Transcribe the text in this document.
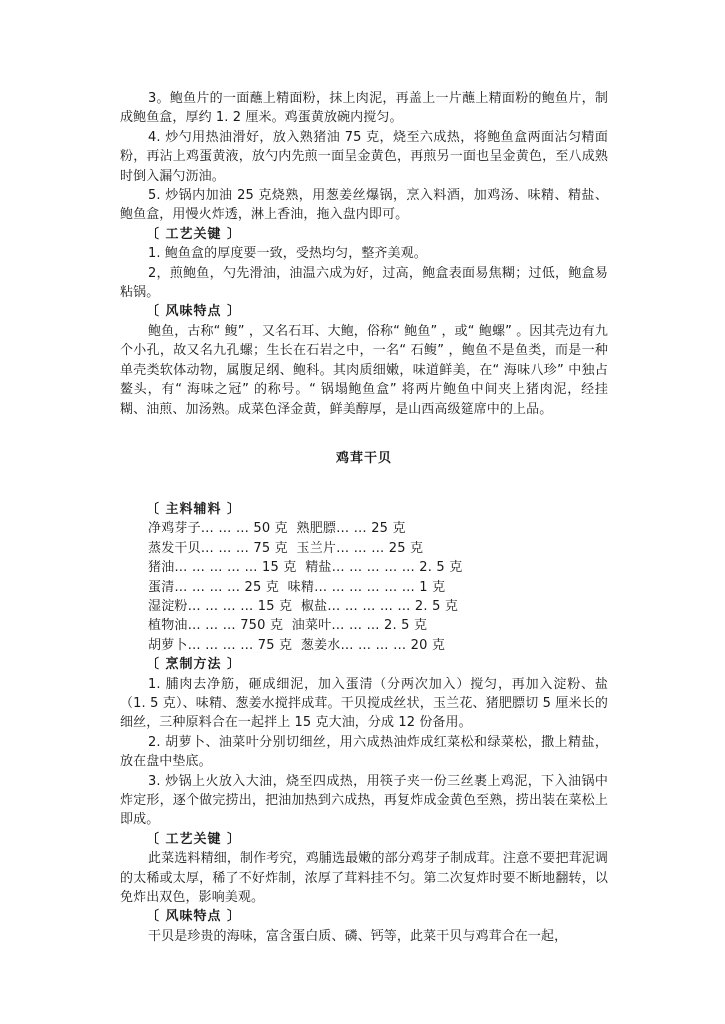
3。鲍鱼片的一面蘸上精面粉，抹上肉泥，再盖上一片蘸上精面粉的鲍鱼片，制成鲍鱼盒，厚约 1. 2 厘米。鸡蛋黄放碗内搅匀。

4. 炒勺用热油滑好，放入熟猪油 75 克，烧至六成热，将鲍鱼盒两面沾匀精面粉，再沾上鸡蛋黄液，放勺内先煎一面呈金黄色，再煎另一面也呈金黄色，至八成熟时倒入漏勺沥油。

5. 炒锅内加油 25 克烧熟，用葱姜丝爆锅，烹入料酒，加鸡汤、味精、精盐、鲍鱼盒，用慢火炸透，淋上香油，拖入盘内即可。

〔 工艺关键 〕

1. 鲍鱼盒的厚度要一致，受热均匀，整齐美观。

2，煎鲍鱼，勺先滑油，油温六成为好，过高，鲍盒表面易焦糊；过低，鲍盒易粘锅。

〔 风味特点 〕

鲍鱼，古称“ 鳆” ，又名石耳、大鲍，俗称“ 鲍鱼” ，或“ 鲍螺” 。因其壳边有九个小孔，故又名九孔螺；生长在石岩之中，一名“ 石鳆” ，鲍鱼不是鱼类，而是一种单壳类软体动物，属腹足纲、鲍科。其肉质细嫩，味道鲜美，在“ 海味八珍” 中独占鳌头，有“ 海味之冠” 的称号。“ 锅塌鲍鱼盒” 将两片鲍鱼中间夹上猪肉泥，经挂糊、油煎、加汤熟。成菜色泽金黄，鲜美醇厚，是山西高级筵席中的上品。

鸡茸干贝

〔 主料辅料 〕

净鸡芽子… … … 50 克  熟肥膘… … 25 克

蒸发干贝… … … 75 克  玉兰片… … … 25 克

猪油… … … … … 15 克  精盐… … … … … 2. 5 克

蛋清… … … … 25 克  味精… … … … … … 1 克

湿淀粉… … … … 15 克  椒盐… … … … … 2. 5 克

植物油… … … 750 克  油菜叶… … … 2. 5 克

胡萝卜… … … … 75 克  葱姜水… … … … 20 克

〔 烹制方法 〕

1. 脯肉去净筋，砸成细泥，加入蛋清（分两次加入）搅匀，再加入淀粉、盐（1. 5 克）、味精、葱姜水搅拌成茸。干贝搅成丝状，玉兰花、猪肥膘切 5 厘米长的细丝，三种原料合在一起拌上 15 克大油，分成 12 份备用。

2. 胡萝卜、油菜叶分别切细丝，用六成热油炸成红菜松和绿菜松，撒上精盐，放在盘中垫底。

3. 炒锅上火放入大油，烧至四成热，用筷子夹一份三丝裹上鸡泥，下入油锅中炸定形，逐个做完捞出，把油加热到六成热，再复炸成金黄色至熟，捞出装在菜松上即成。

〔 工艺关键 〕

此菜选料精细，制作考究，鸡脯选最嫩的部分鸡芽子制成茸。注意不要把茸泥调的太稀或太厚，稀了不好炸制，浓厚了茸料挂不匀。第二次复炸时要不断地翻转，以免炸出双色，影响美观。

〔 风味特点 〕

干贝是珍贵的海味，富含蛋白质、磷、钙等，此菜干贝与鸡茸合在一起，
